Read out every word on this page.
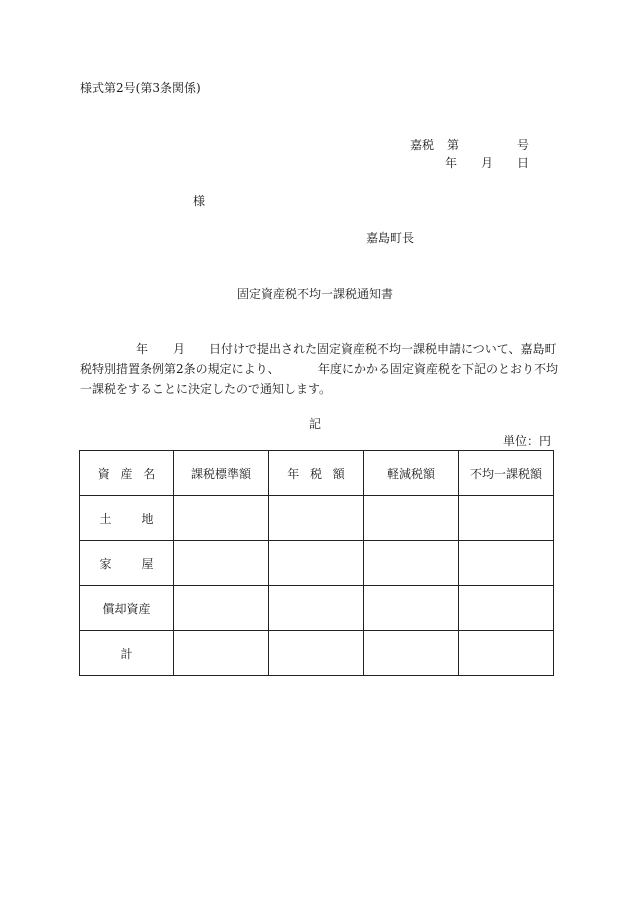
様式第2号(第3条関係)
嘉税 第	号
年 月 日
様
嘉島町長
固定資産税不均一課税通知書
年 月 日付けで提出された固定資産税不均一課税申請について、嘉島町
税特別措置条例第2条の規定により、	年度にかかる固定資産税を下記のとおり不均
一課税をすることに決定したので通知します。
記
単位：円
資産名	課税標準額	年税額	軽減税額	不均一課税額
土地				
家屋				
償却資産				
計				
